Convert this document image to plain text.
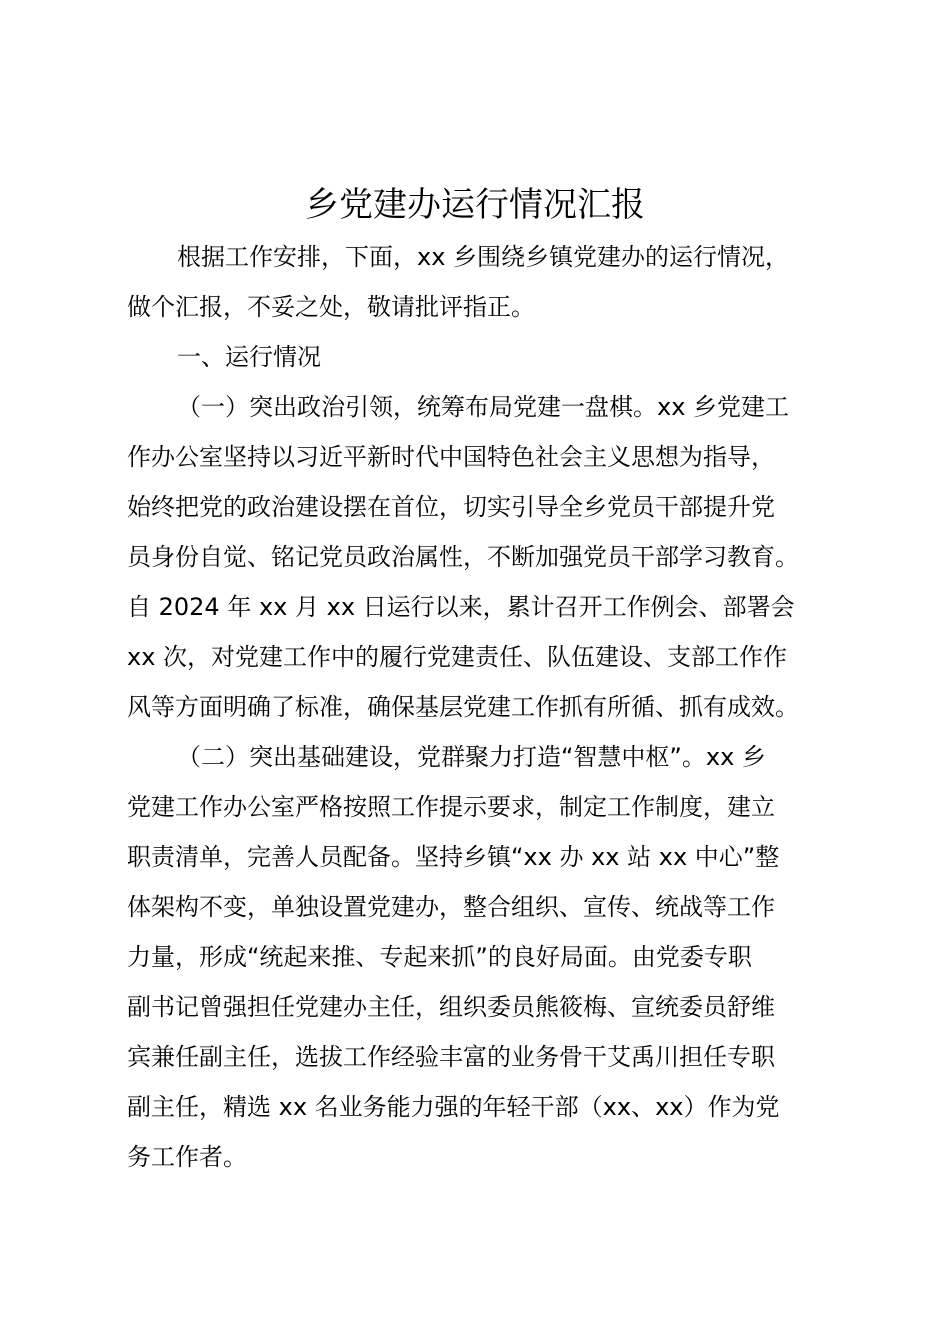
乡党建办运行情况汇报

根据工作安排，下面，xx 乡围绕乡镇党建办的运行情况，
做个汇报，不妥之处，敬请批评指正。

一、运行情况

（一）突出政治引领，统筹布局党建一盘棋。xx 乡党建工
作办公室坚持以习近平新时代中国特色社会主义思想为指导，
始终把党的政治建设摆在首位，切实引导全乡党员干部提升党
员身份自觉、铭记党员政治属性，不断加强党员干部学习教育。
自 2024 年 xx 月 xx 日运行以来，累计召开工作例会、部署会
xx 次，对党建工作中的履行党建责任、队伍建设、支部工作作
风等方面明确了标准，确保基层党建工作抓有所循、抓有成效。

（二）突出基础建设，党群聚力打造“智慧中枢”。xx 乡
党建工作办公室严格按照工作提示要求，制定工作制度，建立
职责清单，完善人员配备。坚持乡镇“xx 办 xx 站 xx 中心”整
体架构不变，单独设置党建办，整合组织、宣传、统战等工作
力量，形成“统起来推、专起来抓”的良好局面。由党委专职
副书记曾强担任党建办主任，组织委员熊筱梅、宣统委员舒维
宾兼任副主任，选拔工作经验丰富的业务骨干艾禹川担任专职
副主任，精选 xx 名业务能力强的年轻干部（xx、xx）作为党
务工作者。
